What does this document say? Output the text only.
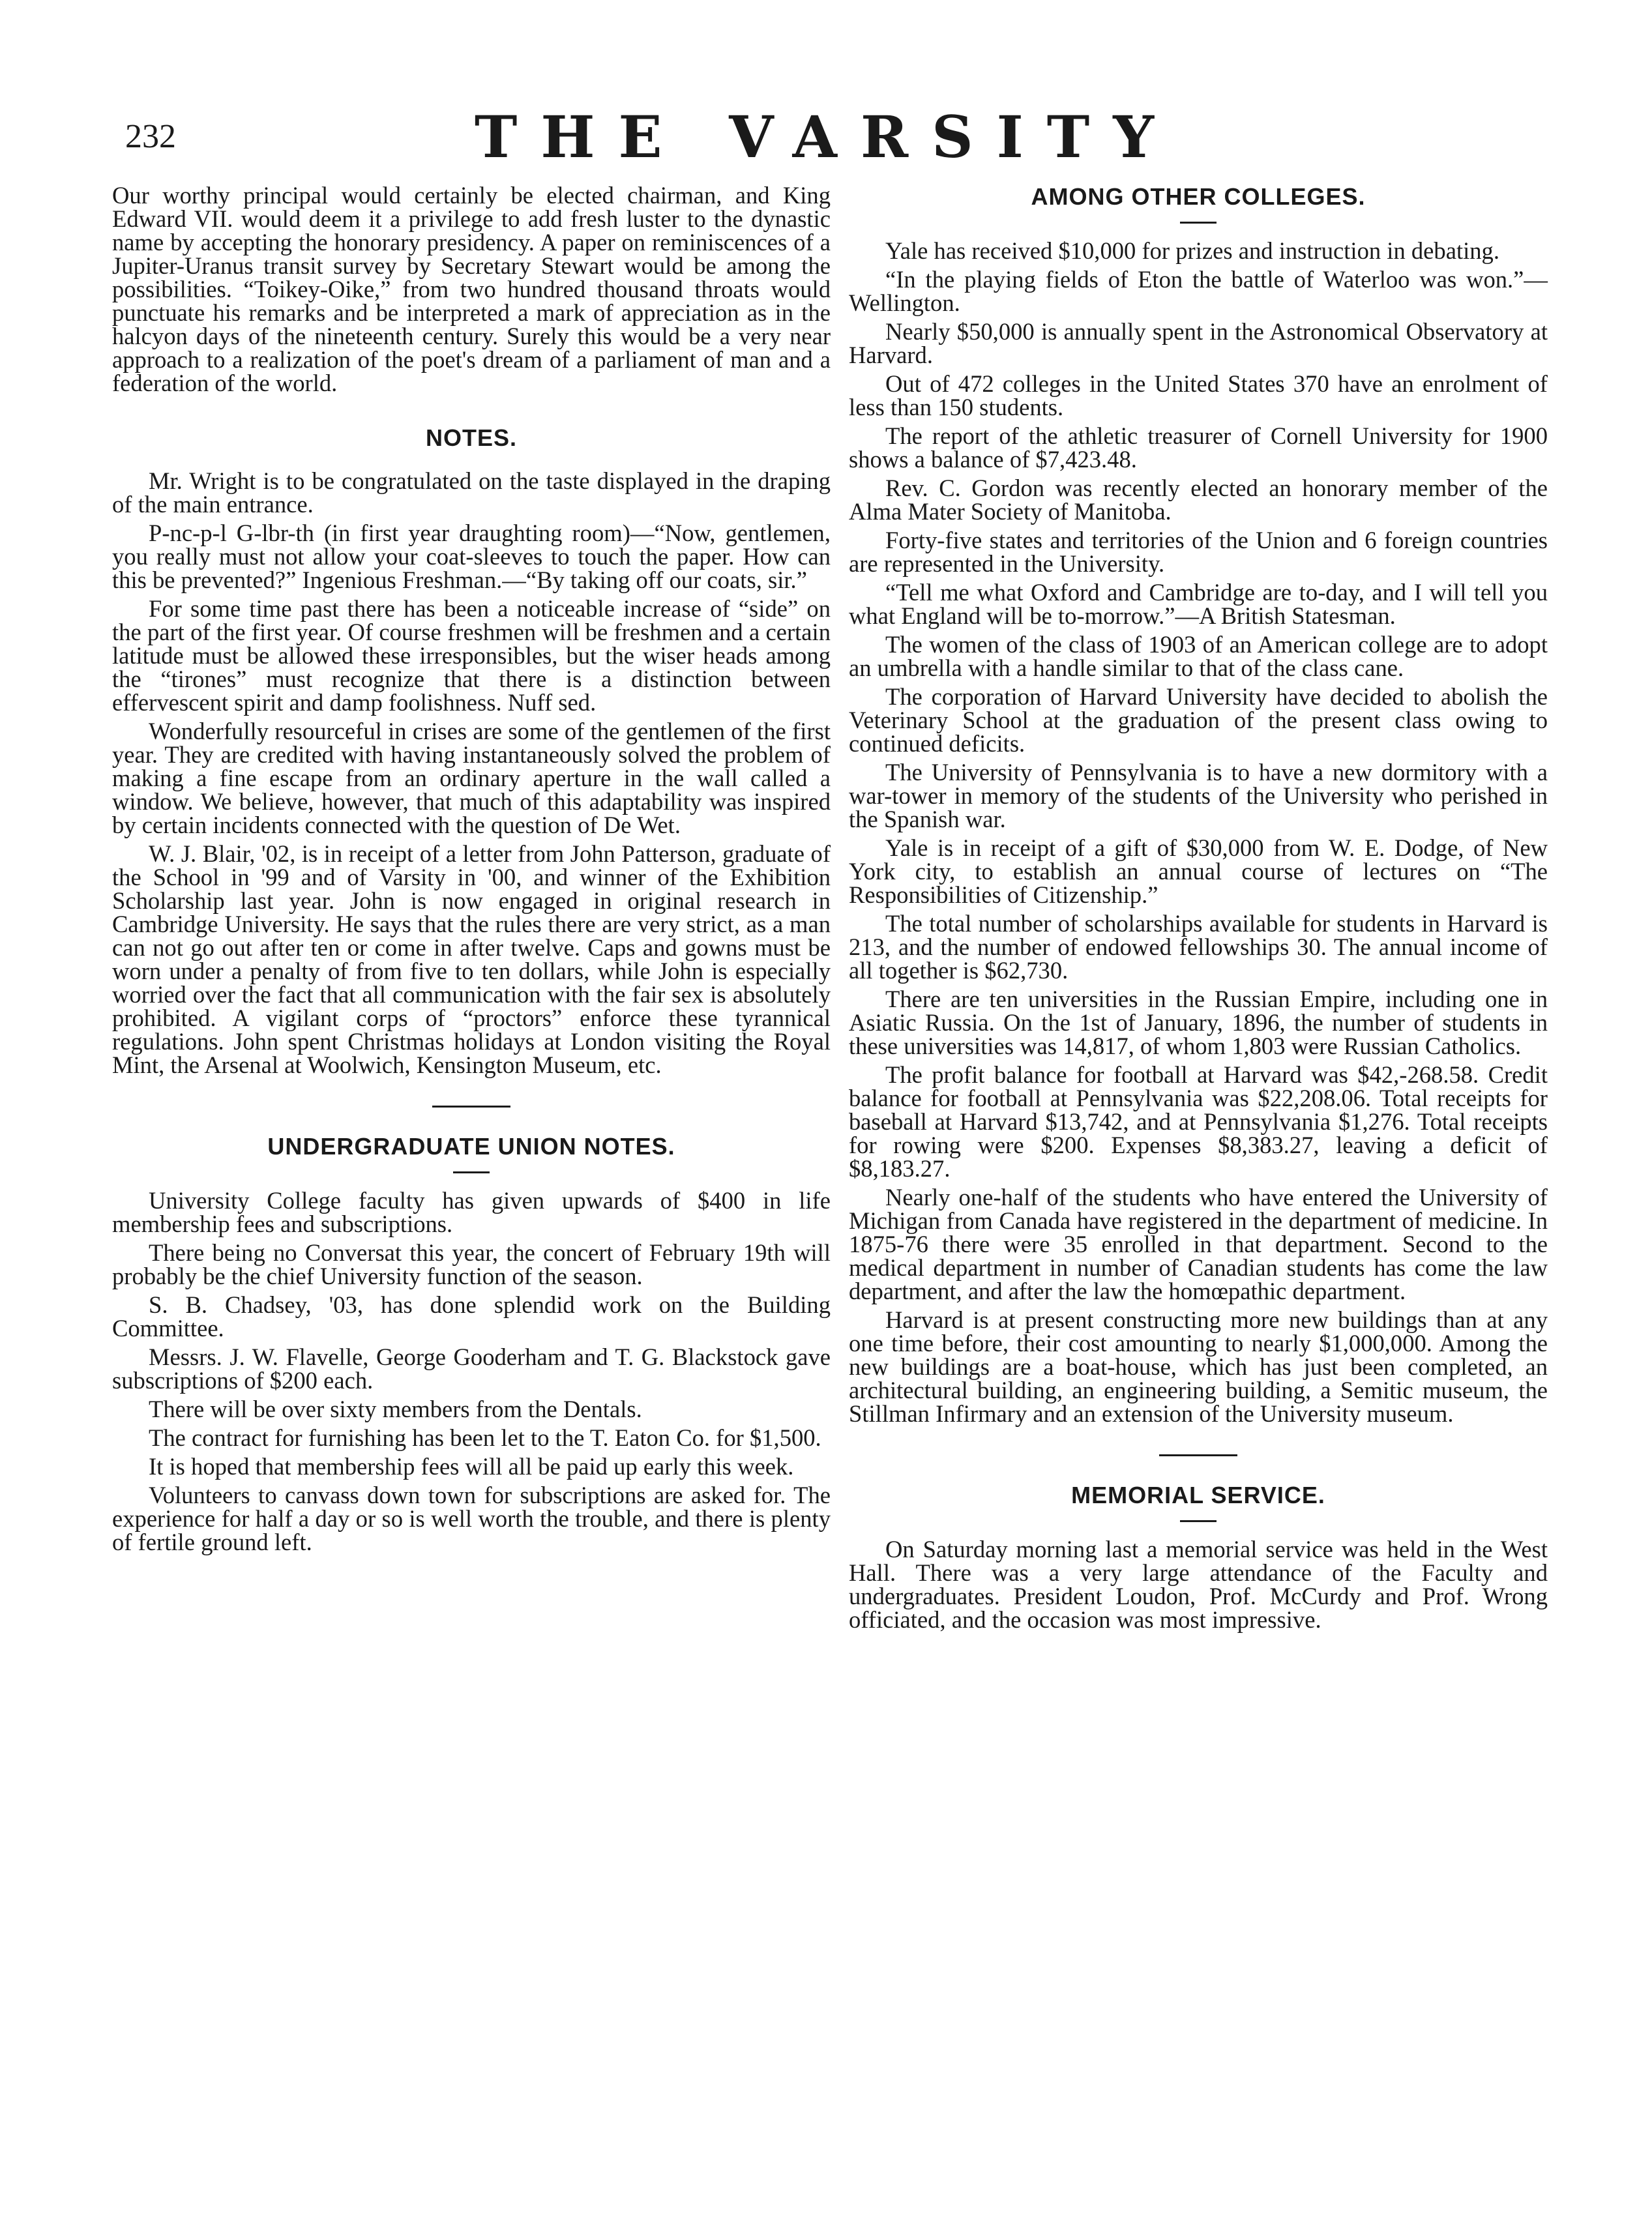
232	THE VARSITY

Our worthy principal would certainly be elected chairman, and King Edward VII. would deem it a privilege to add fresh luster to the dynastic name by accepting the honorary presidency. A paper on reminiscences of a Jupiter-Uranus transit survey by Secretary Stewart would be among the possibilities. “Toikey-Oike,” from two hundred thousand throats would punctuate his remarks and be interpreted a mark of appreciation as in the halcyon days of the nineteenth century. Surely this would be a very near approach to a realization of the poet's dream of a parliament of man and a federation of the world.

NOTES.

Mr. Wright is to be congratulated on the taste displayed in the draping of the main entrance.

P-nc-p-l G-lbr-th (in first year draughting room)—“Now, gentlemen, you really must not allow your coat-sleeves to touch the paper. How can this be prevented?” Ingenious Freshman.—“By taking off our coats, sir.”

For some time past there has been a noticeable increase of “side” on the part of the first year. Of course freshmen will be freshmen and a certain latitude must be allowed these irresponsibles, but the wiser heads among the “tirones” must recognize that there is a distinction between effervescent spirit and damp foolishness. Nuff sed.

Wonderfully resourceful in crises are some of the gentlemen of the first year. They are credited with having instantaneously solved the problem of making a fine escape from an ordinary aperture in the wall called a window. We believe, however, that much of this adaptability was inspired by certain incidents connected with the question of De Wet.

W. J. Blair, '02, is in receipt of a letter from John Patterson, graduate of the School in '99 and of Varsity in '00, and winner of the Exhibition Scholarship last year. John is now engaged in original research in Cambridge University. He says that the rules there are very strict, as a man can not go out after ten or come in after twelve. Caps and gowns must be worn under a penalty of from five to ten dollars, while John is especially worried over the fact that all communication with the fair sex is absolutely prohibited. A vigilant corps of “proctors” enforce these tyrannical regulations. John spent Christmas holidays at London visiting the Royal Mint, the Arsenal at Woolwich, Kensington Museum, etc.

UNDERGRADUATE UNION NOTES.

University College faculty has given upwards of $400 in life membership fees and subscriptions.

There being no Conversat this year, the concert of February 19th will probably be the chief University function of the season.

S. B. Chadsey, '03, has done splendid work on the Building Committee.

Messrs. J. W. Flavelle, George Gooderham and T. G. Blackstock gave subscriptions of $200 each.

There will be over sixty members from the Dentals.

The contract for furnishing has been let to the T. Eaton Co. for $1,500.

It is hoped that membership fees will all be paid up early this week.

Volunteers to canvass down town for subscriptions are asked for. The experience for half a day or so is well worth the trouble, and there is plenty of fertile ground left.

AMONG OTHER COLLEGES.

Yale has received $10,000 for prizes and instruction in debating.

“In the playing fields of Eton the battle of Waterloo was won.”—Wellington.

Nearly $50,000 is annually spent in the Astronomical Observatory at Harvard.

Out of 472 colleges in the United States 370 have an enrolment of less than 150 students.

The report of the athletic treasurer of Cornell University for 1900 shows a balance of $7,423.48.

Rev. C. Gordon was recently elected an honorary member of the Alma Mater Society of Manitoba.

Forty-five states and territories of the Union and 6 foreign countries are represented in the University.

“Tell me what Oxford and Cambridge are to-day, and I will tell you what England will be to-morrow.”—A British Statesman.

The women of the class of 1903 of an American college are to adopt an umbrella with a handle similar to that of the class cane.

The corporation of Harvard University have decided to abolish the Veterinary School at the graduation of the present class owing to continued deficits.

The University of Pennsylvania is to have a new dormitory with a war-tower in memory of the students of the University who perished in the Spanish war.

Yale is in receipt of a gift of $30,000 from W. E. Dodge, of New York city, to establish an annual course of lectures on “The Responsibilities of Citizenship.”

The total number of scholarships available for students in Harvard is 213, and the number of endowed fellowships 30. The annual income of all together is $62,730.

There are ten universities in the Russian Empire, including one in Asiatic Russia. On the 1st of January, 1896, the number of students in these universities was 14,817, of whom 1,803 were Russian Catholics.

The profit balance for football at Harvard was $42,-268.58. Credit balance for football at Pennsylvania was $22,208.06. Total receipts for baseball at Harvard $13,742, and at Pennsylvania $1,276. Total receipts for rowing were $200. Expenses $8,383.27, leaving a deficit of $8,183.27.

Nearly one-half of the students who have entered the University of Michigan from Canada have registered in the department of medicine. In 1875-76 there were 35 enrolled in that department. Second to the medical department in number of Canadian students has come the law department, and after the law the homœpathic department.

Harvard is at present constructing more new buildings than at any one time before, their cost amounting to nearly $1,000,000. Among the new buildings are a boat-house, which has just been completed, an architectural building, an engineering building, a Semitic museum, the Stillman Infirmary and an extension of the University museum.

MEMORIAL SERVICE.

On Saturday morning last a memorial service was held in the West Hall. There was a very large attendance of the Faculty and undergraduates. President Loudon, Prof. McCurdy and Prof. Wrong officiated, and the occasion was most impressive.
